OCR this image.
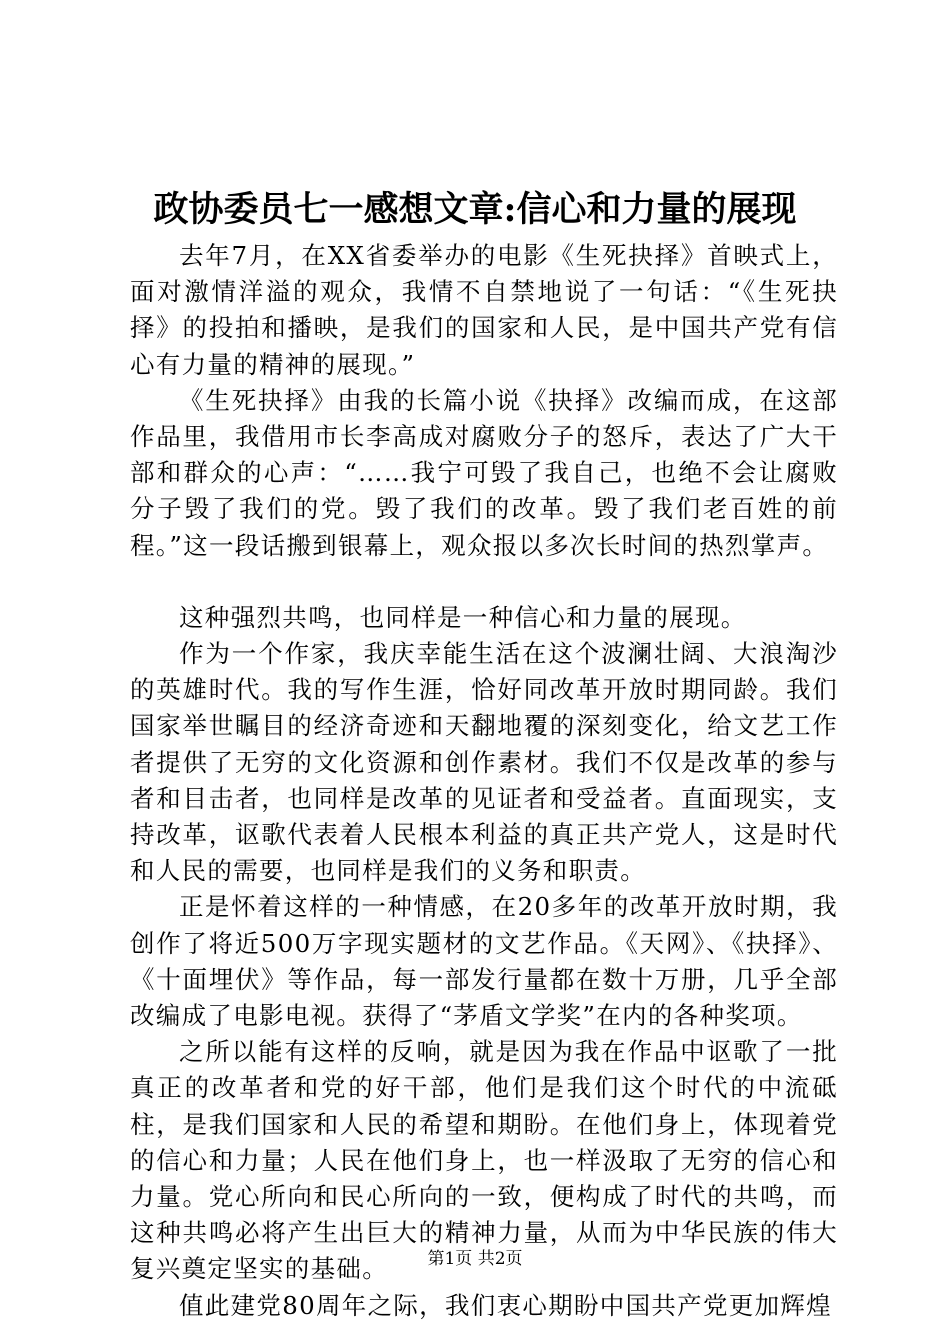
政协委员七一感想文章:信心和力量的展现

去年7月，在XX省委举办的电影《生死抉择》首映式上，面对激情洋溢的观众，我情不自禁地说了一句话：“《生死抉择》的投拍和播映，是我们的国家和人民，是中国共产党有信心有力量的精神的展现。”

《生死抉择》由我的长篇小说《抉择》改编而成，在这部作品里，我借用市长李高成对腐败分子的怒斥，表达了广大干部和群众的心声：“……我宁可毁了我自己，也绝不会让腐败分子毁了我们的党。毁了我们的改革。毁了我们老百姓的前程。”这一段话搬到银幕上，观众报以多次长时间的热烈掌声。

这种强烈共鸣，也同样是一种信心和力量的展现。

作为一个作家，我庆幸能生活在这个波澜壮阔、大浪淘沙的英雄时代。我的写作生涯，恰好同改革开放时期同龄。我们国家举世瞩目的经济奇迹和天翻地覆的深刻变化，给文艺工作者提供了无穷的文化资源和创作素材。我们不仅是改革的参与者和目击者，也同样是改革的见证者和受益者。直面现实，支持改革，讴歌代表着人民根本利益的真正共产党人，这是时代和人民的需要，也同样是我们的义务和职责。

正是怀着这样的一种情感，在20多年的改革开放时期，我创作了将近500万字现实题材的文艺作品。《天网》、《抉择》、《十面埋伏》等作品，每一部发行量都在数十万册，几乎全部改编成了电影电视。获得了“茅盾文学奖”在内的各种奖项。

之所以能有这样的反响，就是因为我在作品中讴歌了一批真正的改革者和党的好干部，他们是我们这个时代的中流砥柱，是我们国家和人民的希望和期盼。在他们身上，体现着党的信心和力量；人民在他们身上，也一样汲取了无穷的信心和力量。党心所向和民心所向的一致，便构成了时代的共鸣，而这种共鸣必将产生出巨大的精神力量，从而为中华民族的伟大复兴奠定坚实的基础。

值此建党80周年之际，我们衷心期盼中国共产党更加辉煌

第1页 共2页
